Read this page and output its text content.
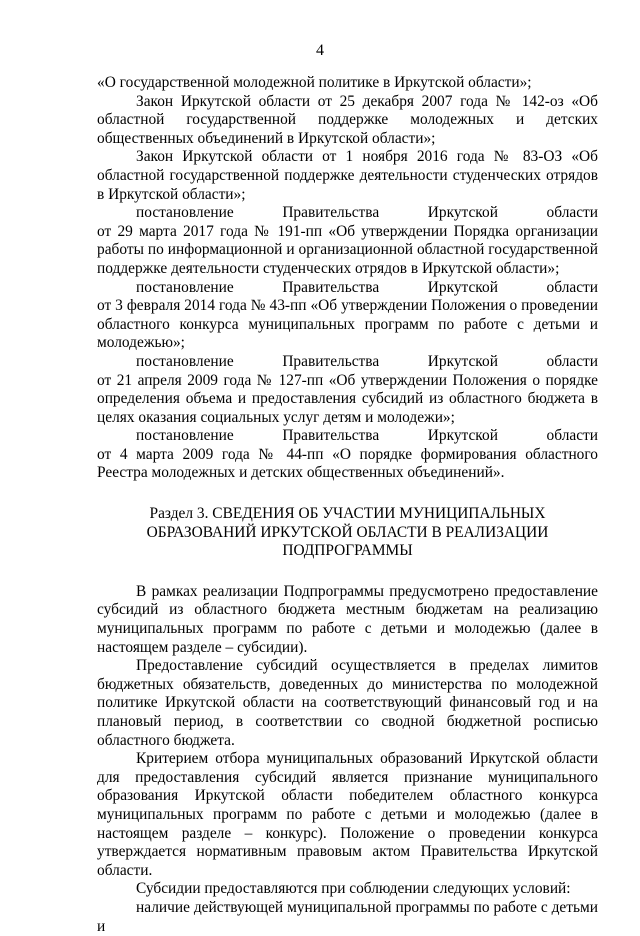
4

«О государственной молодежной политике в Иркутской области»;

Закон Иркутской области от 25 декабря 2007 года № 142-оз «Об областной государственной поддержке молодежных и детских общественных объединений в Иркутской области»;

Закон Иркутской области от 1 ноября 2016 года № 83-ОЗ «Об областной государственной поддержке деятельности студенческих отрядов в Иркутской области»;

постановление Правительства Иркутской области

от 29 марта 2017 года № 191-пп «Об утверждении Порядка организации работы по информационной и организационной областной государственной поддержке деятельности студенческих отрядов в Иркутской области»;

постановление Правительства Иркутской области

от 3 февраля 2014 года № 43-пп «Об утверждении Положения о проведении областного конкурса муниципальных программ по работе с детьми и молодежью»;

постановление Правительства Иркутской области

от 21 апреля 2009 года № 127-пп «Об утверждении Положения о порядке определения объема и предоставления субсидий из областного бюджета в целях оказания социальных услуг детям и молодежи»;

постановление Правительства Иркутской области

от 4 марта 2009 года № 44-пп «О порядке формирования областного Реестра молодежных и детских общественных объединений».

Раздел 3. СВЕДЕНИЯ ОБ УЧАСТИИ МУНИЦИПАЛЬНЫХ
ОБРАЗОВАНИЙ ИРКУТСКОЙ ОБЛАСТИ В РЕАЛИЗАЦИИ
ПОДПРОГРАММЫ

В рамках реализации Подпрограммы предусмотрено предоставление субсидий из областного бюджета местным бюджетам на реализацию муниципальных программ по работе с детьми и молодежью (далее в настоящем разделе – субсидии).

Предоставление субсидий осуществляется в пределах лимитов бюджетных обязательств, доведенных до министерства по молодежной политике Иркутской области на соответствующий финансовый год и на плановый период, в соответствии со сводной бюджетной росписью областного бюджета.

Критерием отбора муниципальных образований Иркутской области для предоставления субсидий является признание муниципального образования Иркутской области победителем областного конкурса муниципальных программ по работе с детьми и молодежью (далее в настоящем разделе – конкурс). Положение о проведении конкурса утверждается нормативным правовым актом Правительства Иркутской области.

Субсидии предоставляются при соблюдении следующих условий:

наличие действующей муниципальной программы по работе с детьми и
